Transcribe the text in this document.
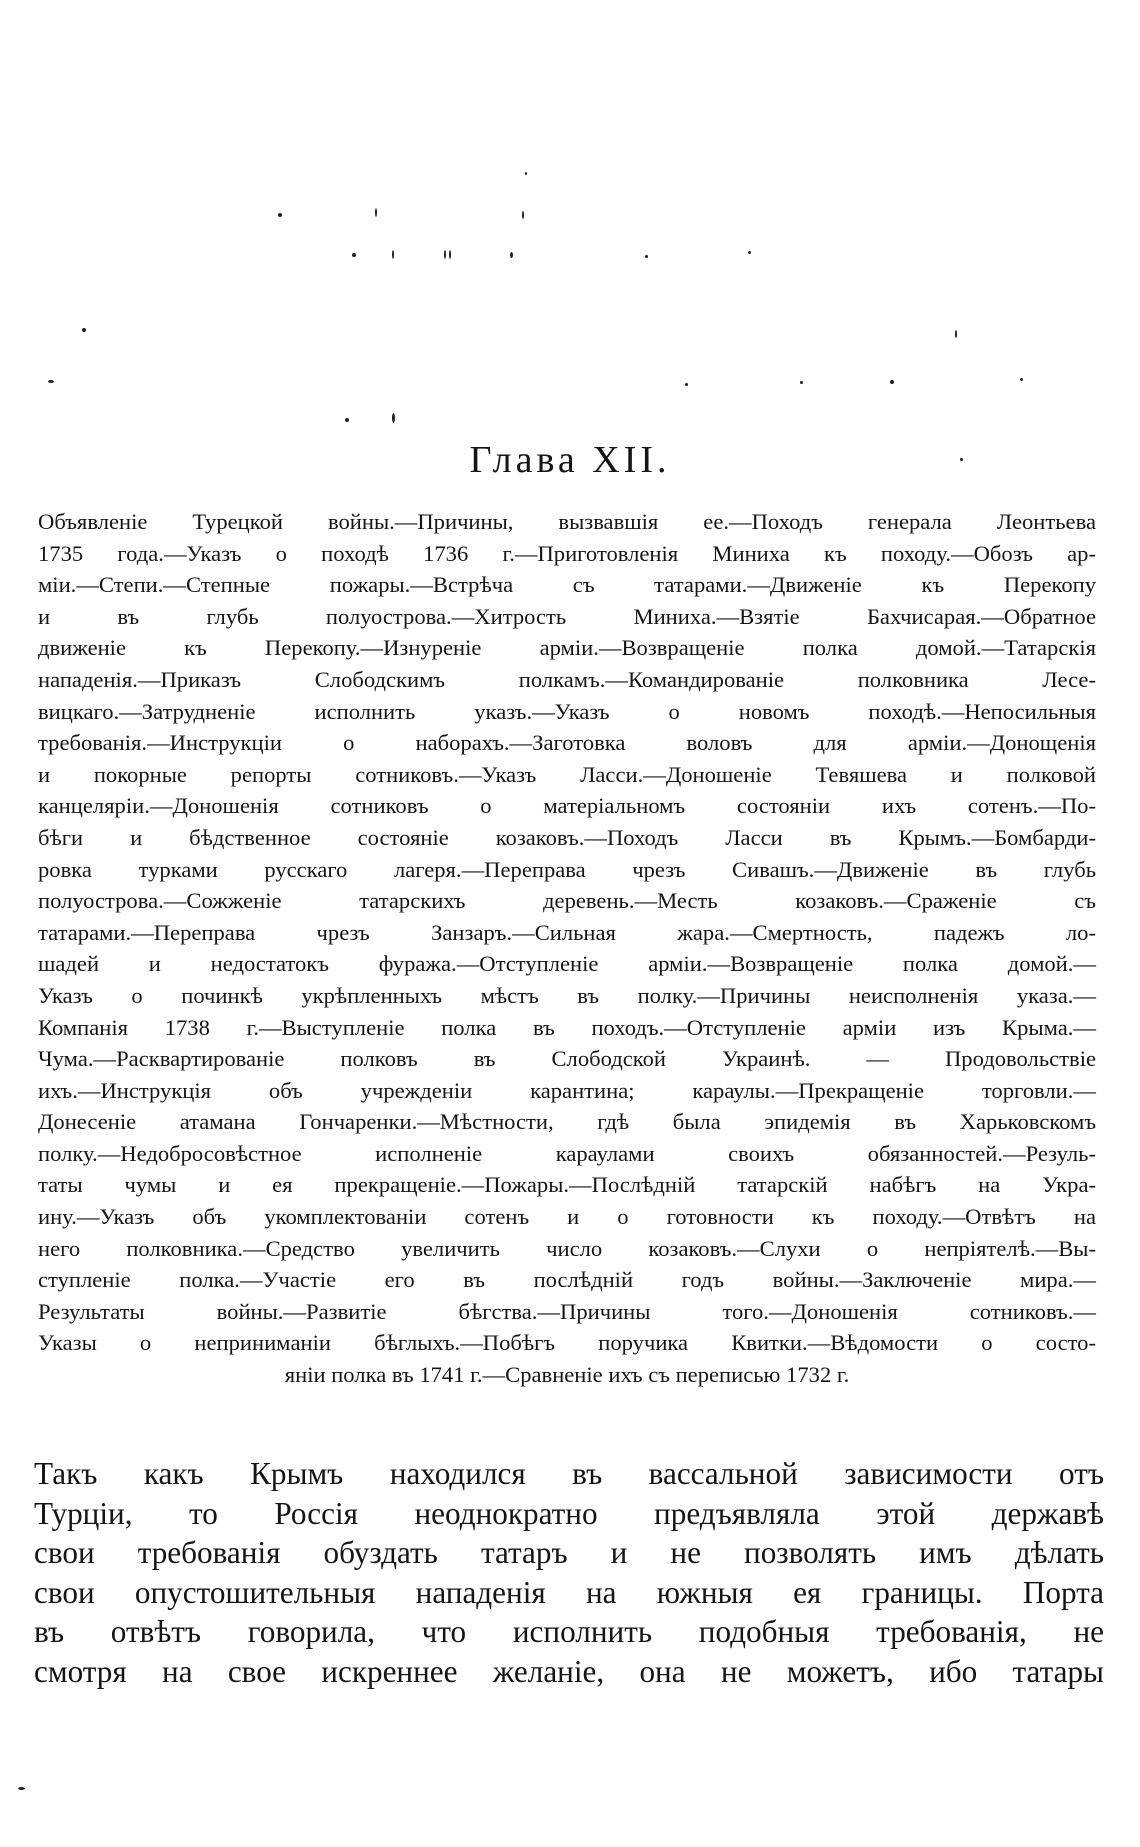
Глава XII.
Объявленіе Турецкой войны.—Причины, вызвавшія ее.—Походъ генерала Леонтьева
1735 года.—Указъ о походѣ 1736 г.—Приготовленія Миниха къ походу.—Обозъ ар-
міи.—Степи.—Степные пожары.—Встрѣча съ татарами.—Движеніе къ Перекопу
и въ глубь полуострова.—Хитрость Миниха.—Взятіе Бахчисарая.—Обратное
движеніе къ Перекопу.—Изнуреніе арміи.—Возвращеніе полка домой.—Татарскія
нападенія.—Приказъ Слободскимъ полкамъ.—Командированіе полковника Лесе-
вицкаго.—Затрудненіе исполнить указъ.—Указъ о новомъ походѣ.—Непосильныя
требованія.—Инструкціи о наборахъ.—Заготовка воловъ для арміи.—Донощенія
и покорные репорты сотниковъ.—Указъ Ласси.—Доношеніе Тевяшева и полковой
канцеляріи.—Доношенія сотниковъ о матеріальномъ состояніи ихъ сотенъ.—По-
бѣги и бѣдственное состояніе козаковъ.—Походъ Ласси въ Крымъ.—Бомбарди-
ровка турками русскаго лагеря.—Переправа чрезъ Сивашъ.—Движеніе въ глубь
полуострова.—Сожженіе татарскихъ деревень.—Месть козаковъ.—Сраженіе съ
татарами.—Переправа чрезъ Занзаръ.—Сильная жара.—Смертность, падежъ ло-
шадей и недостатокъ фуража.—Отступленіе арміи.—Возвращеніе полка домой.—
Указъ о починкѣ укрѣпленныхъ мѣстъ въ полку.—Причины неисполненія указа.—
Компанія 1738 г.—Выступленіе полка въ походъ.—Отступленіе арміи изъ Крыма.—
Чума.—Расквартированіе полковъ въ Слободской Украинѣ. — Продовольствіе
ихъ.—Инструкція объ учрежденіи карантина; караулы.—Прекращеніе торговли.—
Донесеніе атамана Гончаренки.—Мѣстности, гдѣ была эпидемія въ Харьковскомъ
полку.—Недобросовѣстное исполненіе караулами своихъ обязанностей.—Резуль-
таты чумы и ея прекращеніе.—Пожары.—Послѣдній татарскій набѣгъ на Укра-
ину.—Указъ объ укомплектованіи сотенъ и о готовности къ походу.—Отвѣтъ на
него полковника.—Средство увеличить число козаковъ.—Слухи о непріятелѣ.—Вы-
ступленіе полка.—Участіе его въ послѣдній годъ войны.—Заключеніе мира.—
Результаты войны.—Развитіе бѣгства.—Причины того.—Доношенія сотниковъ.—
Указы о непринимaніи бѣглыхъ.—Побѣгъ поручика Квитки.—Вѣдомости о состо-
яніи полка въ 1741 г.—Сравненіе ихъ съ переписью 1732 г.
Такъ какъ Крымъ находился въ вассальной зависимости отъ
Турціи, то Россія неоднократно предъявляла этой державѣ
свои требованія обуздать татаръ и не позволять имъ дѣлать
свои опустошительныя нападенія на южныя ея границы. Порта
въ отвѣтъ говорила, что исполнить подобныя требованія, не
смотря на свое искреннее желаніе, она не можетъ, ибо татары
